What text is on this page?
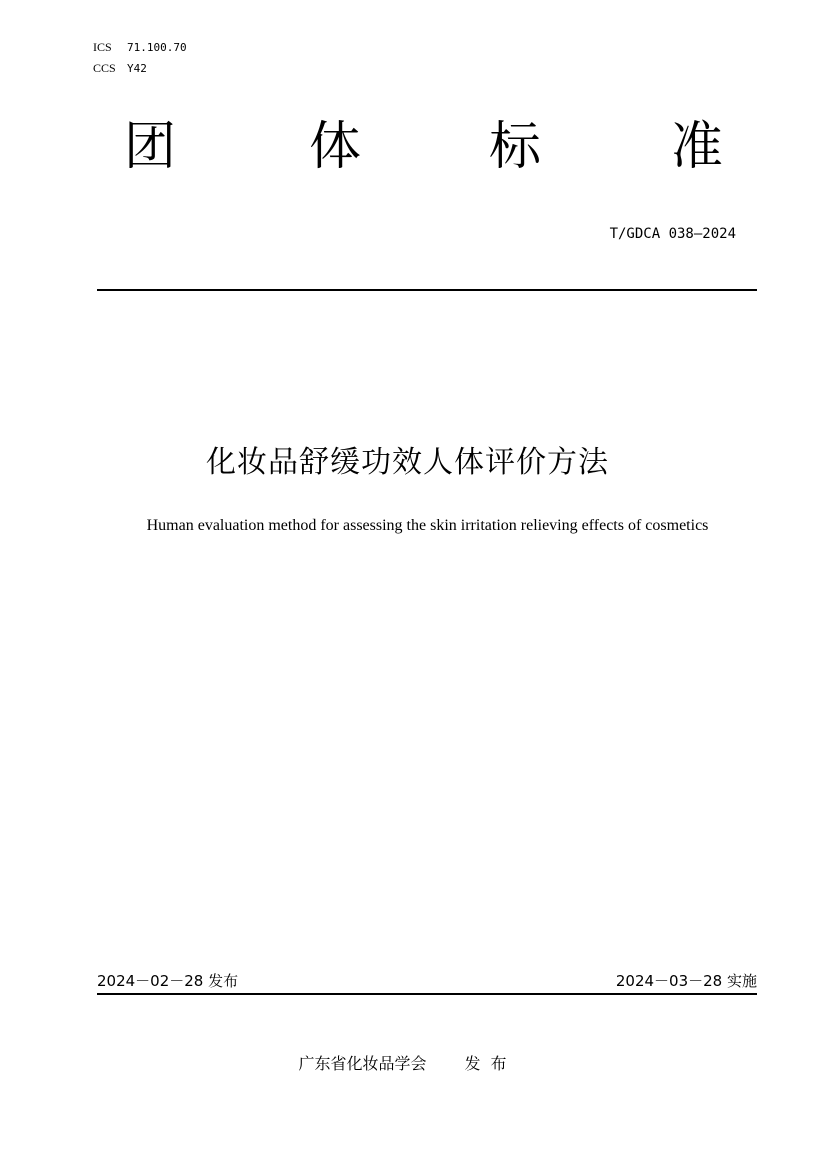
ICS 71.100.70
CCS Y42
团	体 标 准
T/GDCA 038—2024
化妆品舒缓功效人体评价方法
Human evaluation method for assessing the skin irritation relieving effects of cosmetics
2024－02－28 发布	2024－03－28 实施
广东省化妆品学会 发布
